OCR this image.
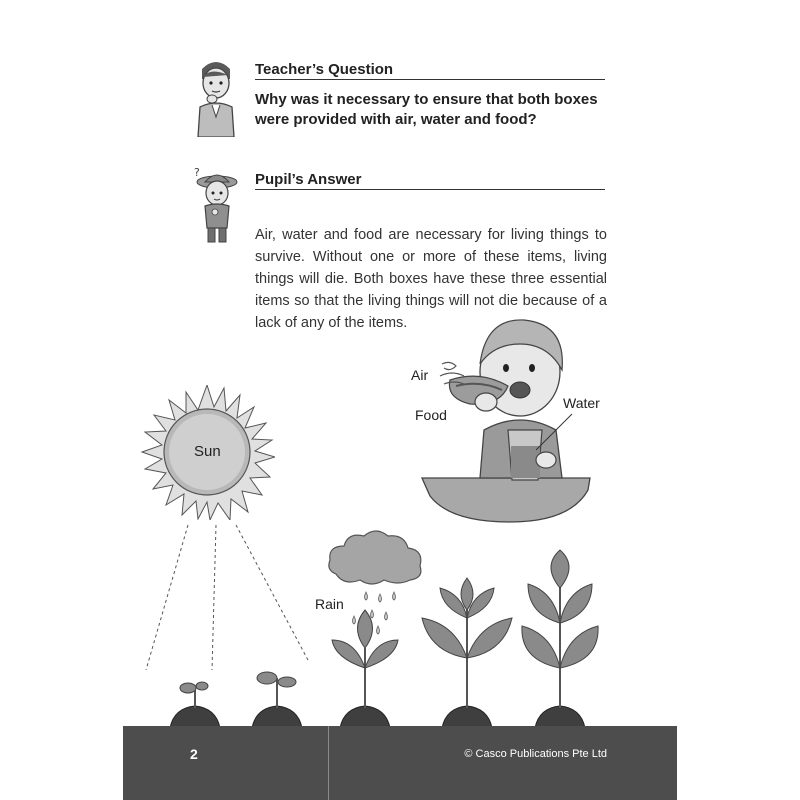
Teacher’s Question
Why was it necessary to ensure that both boxes were provided with air, water and food?
?	Pupil’s Answer
Air, water and food are necessary for living things to survive. Without one or more of these items, living things will die. Both boxes have these three essential items so that the living things will not die because of a lack of any of the items.
Air
Food
Water
Sun
Rain
2	© Casco Publications Pte Ltd
